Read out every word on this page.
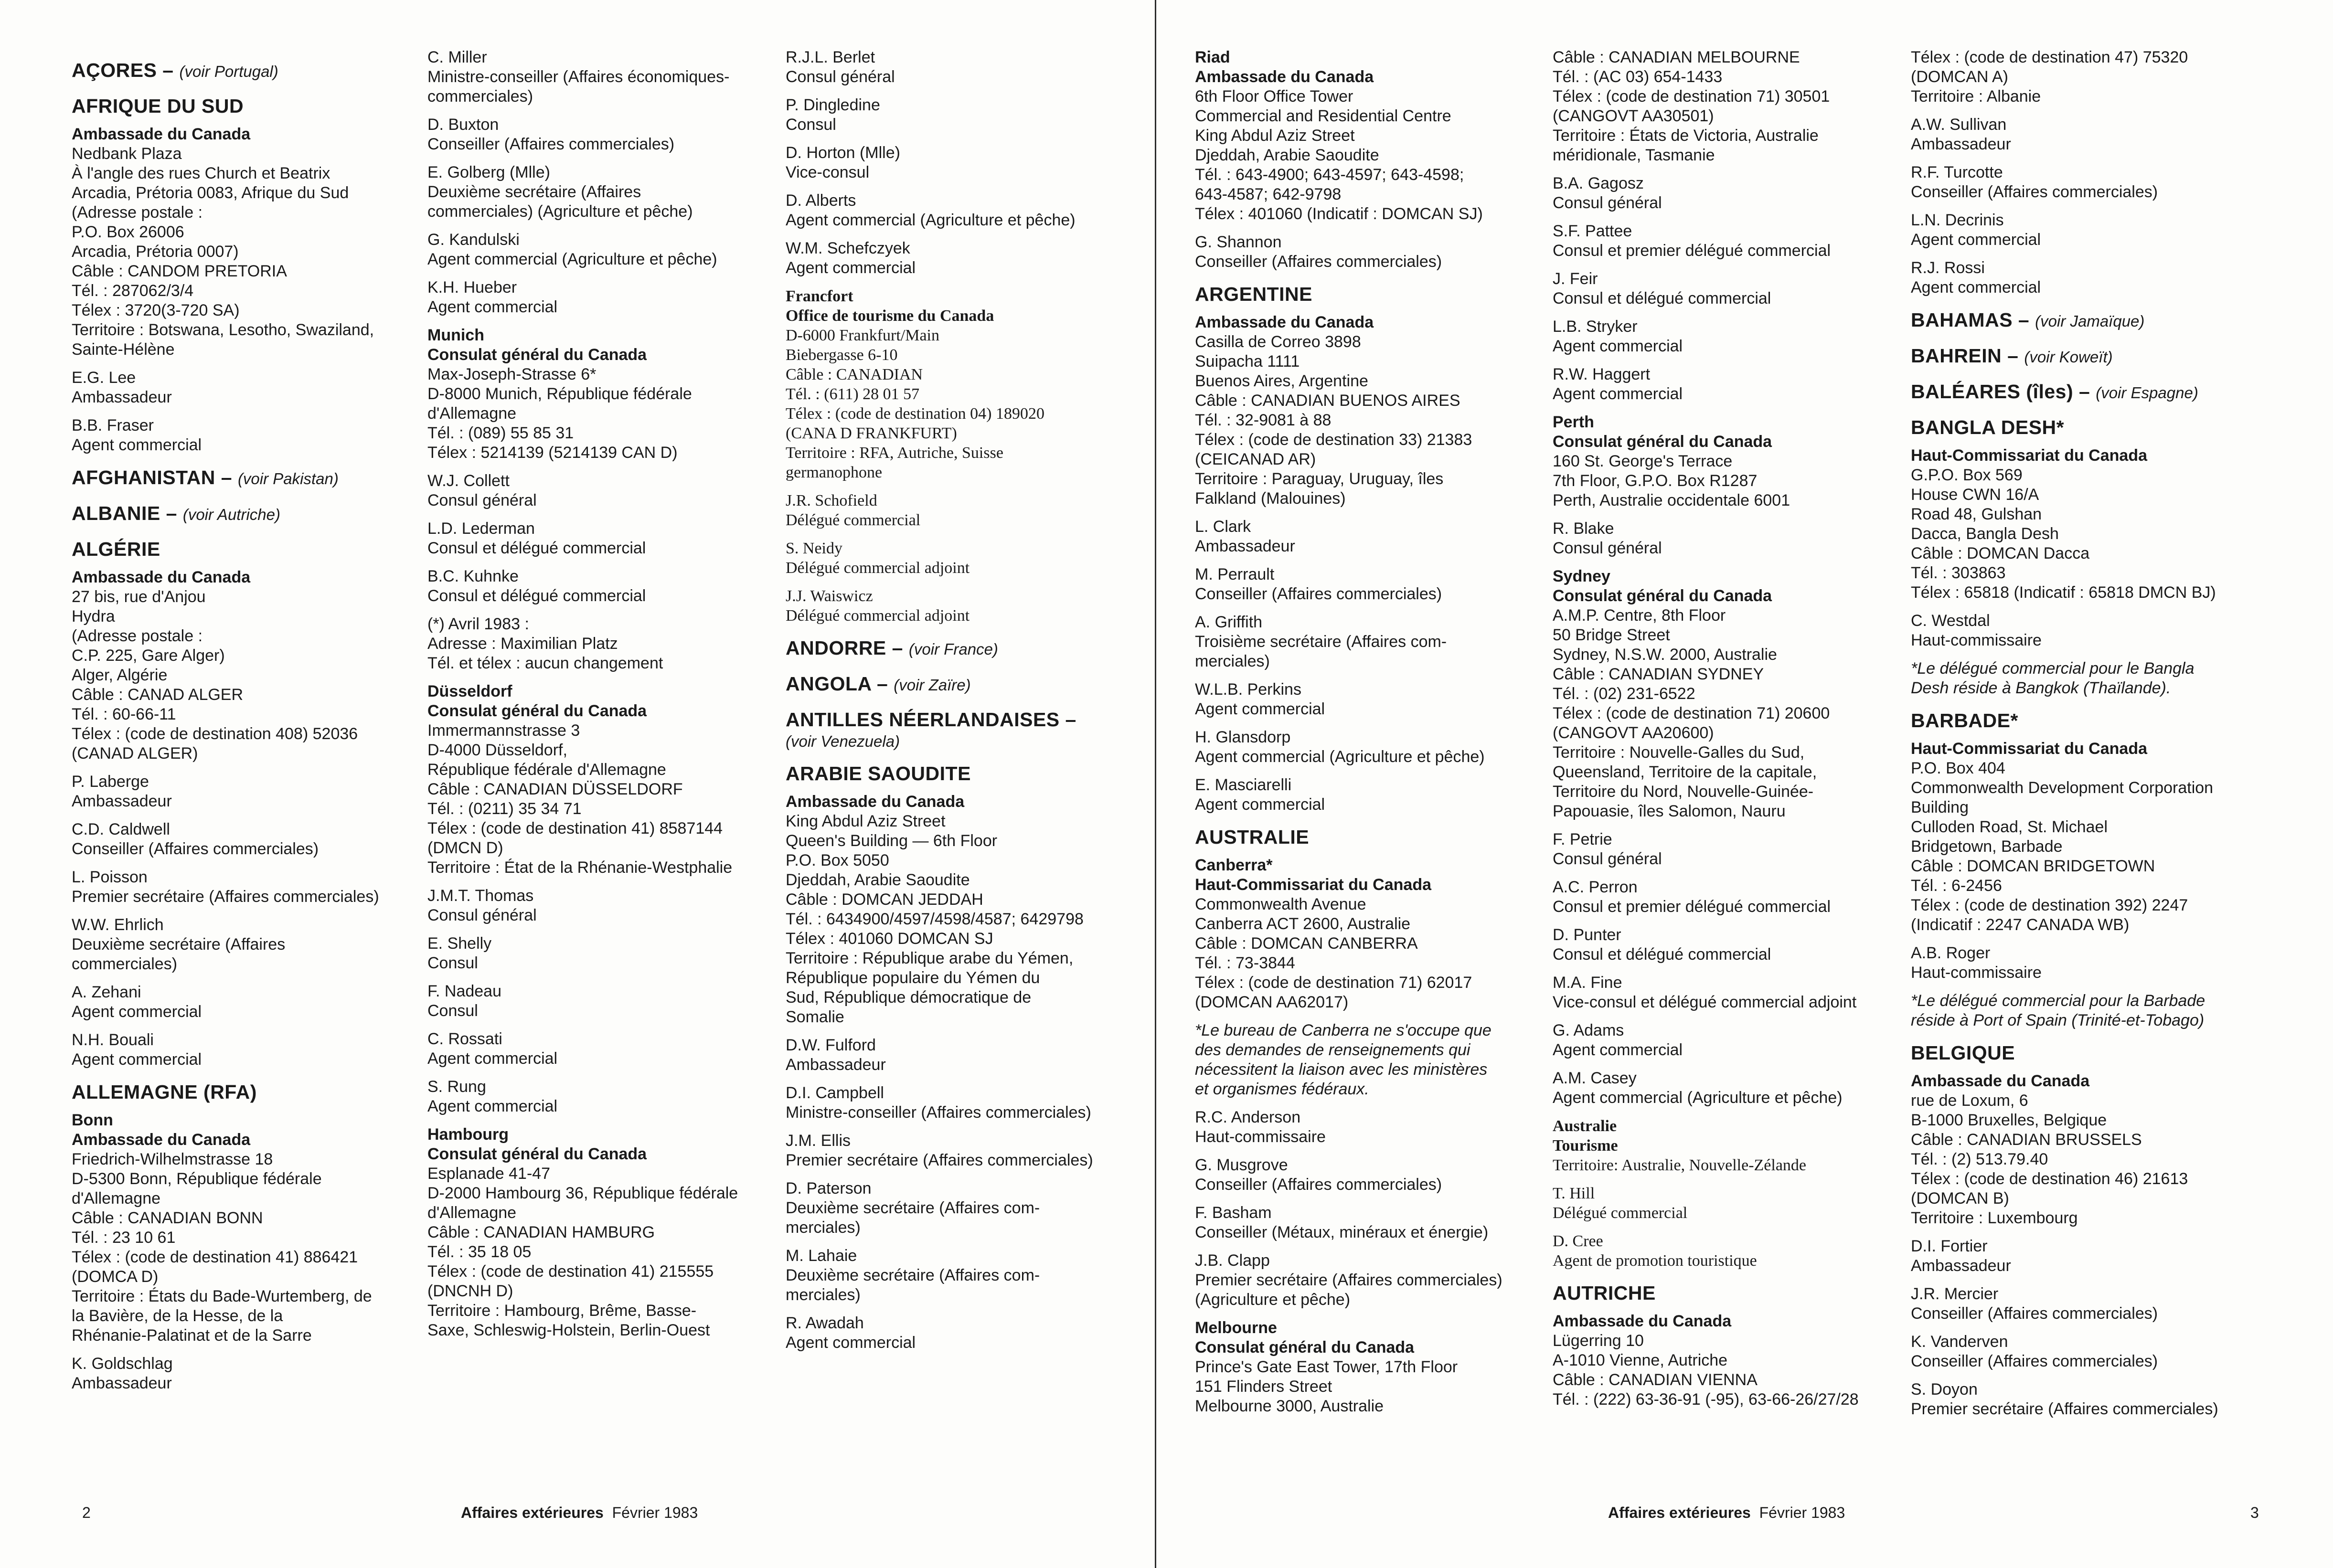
AÇORES – (voir Portugal)
AFRIQUE DU SUD
Ambassade du Canada
Nedbank Plaza
À l'angle des rues Church et Beatrix
Arcadia, Prétoria 0083, Afrique du Sud
(Adresse postale :
P.O. Box 26006
Arcadia, Prétoria 0007)
Câble : CANDOM PRETORIA
Tél. : 287062/3/4
Télex : 3720(3-720 SA)
Territoire : Botswana, Lesotho, Swaziland,
Sainte-Hélène
E.G. Lee
Ambassadeur
B.B. Fraser
Agent commercial
AFGHANISTAN – (voir Pakistan)
ALBANIE – (voir Autriche)
ALGÉRIE
Ambassade du Canada
27 bis, rue d'Anjou
Hydra
(Adresse postale :
C.P. 225, Gare Alger)
Alger, Algérie
Câble : CANAD ALGER
Tél. : 60-66-11
Télex : (code de destination 408) 52036
(CANAD ALGER)
P. Laberge
Ambassadeur
C.D. Caldwell
Conseiller (Affaires commerciales)
L. Poisson
Premier secrétaire (Affaires commerciales)
W.W. Ehrlich
Deuxième secrétaire (Affaires
commerciales)
A. Zehani
Agent commercial
N.H. Bouali
Agent commercial
ALLEMAGNE (RFA)
Bonn
Ambassade du Canada
Friedrich-Wilhelmstrasse 18
D-5300 Bonn, République fédérale
d'Allemagne
Câble : CANADIAN BONN
Tél. : 23 10 61
Télex : (code de destination 41) 886421
(DOMCA D)
Territoire : États du Bade-Wurtemberg, de
la Bavière, de la Hesse, de la
Rhénanie-Palatinat et de la Sarre
K. Goldschlag
Ambassadeur
C. Miller
Ministre-conseiller (Affaires économiques-
commerciales)
D. Buxton
Conseiller (Affaires commerciales)
E. Golberg (Mlle)
Deuxième secrétaire (Affaires
commerciales) (Agriculture et pêche)
G. Kandulski
Agent commercial (Agriculture et pêche)
K.H. Hueber
Agent commercial
Munich
Consulat général du Canada
Max-Joseph-Strasse 6*
D-8000 Munich, République fédérale
d'Allemagne
Tél. : (089) 55 85 31
Télex : 5214139 (5214139 CAN D)
W.J. Collett
Consul général
L.D. Lederman
Consul et délégué commercial
B.C. Kuhnke
Consul et délégué commercial
(*) Avril 1983 :
Adresse : Maximilian Platz
Tél. et télex : aucun changement
Düsseldorf
Consulat général du Canada
Immermannstrasse 3
D-4000 Düsseldorf,
République fédérale d'Allemagne
Câble : CANADIAN DÜSSELDORF
Tél. : (0211) 35 34 71
Télex : (code de destination 41) 8587144
(DMCN D)
Territoire : État de la Rhénanie-Westphalie
J.M.T. Thomas
Consul général
E. Shelly
Consul
F. Nadeau
Consul
C. Rossati
Agent commercial
S. Rung
Agent commercial
Hambourg
Consulat général du Canada
Esplanade 41-47
D-2000 Hambourg 36, République fédérale
d'Allemagne
Câble : CANADIAN HAMBURG
Tél. : 35 18 05
Télex : (code de destination 41) 215555
(DNCNH D)
Territoire : Hambourg, Brême, Basse-
Saxe, Schleswig-Holstein, Berlin-Ouest
R.J.L. Berlet
Consul général
P. Dingledine
Consul
D. Horton (Mlle)
Vice-consul
D. Alberts
Agent commercial (Agriculture et pêche)
W.M. Schefczyek
Agent commercial
Francfort
Office de tourisme du Canada
D-6000 Frankfurt/Main
Biebergasse 6-10
Câble : CANADIAN
Tél. : (611) 28 01 57
Télex : (code de destination 04) 189020
(CANA D FRANKFURT)
Territoire : RFA, Autriche, Suisse
germanophone
J.R. Schofield
Délégué commercial
S. Neidy
Délégué commercial adjoint
J.J. Waiswicz
Délégué commercial adjoint
ANDORRE – (voir France)
ANGOLA – (voir Zaïre)
ANTILLES NÉERLANDAISES –
(voir Venezuela)
ARABIE SAOUDITE
Ambassade du Canada
King Abdul Aziz Street
Queen's Building — 6th Floor
P.O. Box 5050
Djeddah, Arabie Saoudite
Câble : DOMCAN JEDDAH
Tél. : 6434900/4597/4598/4587; 6429798
Télex : 401060 DOMCAN SJ
Territoire : République arabe du Yémen,
République populaire du Yémen du
Sud, République démocratique de
Somalie
D.W. Fulford
Ambassadeur
D.I. Campbell
Ministre-conseiller (Affaires commerciales)
J.M. Ellis
Premier secrétaire (Affaires commerciales)
D. Paterson
Deuxième secrétaire (Affaires com-
merciales)
M. Lahaie
Deuxième secrétaire (Affaires com-
merciales)
R. Awadah
Agent commercial
2	Affaires extérieures Février 1983
Riad
Ambassade du Canada
6th Floor Office Tower
Commercial and Residential Centre
King Abdul Aziz Street
Djeddah, Arabie Saoudite
Tél. : 643-4900; 643-4597; 643-4598;
643-4587; 642-9798
Télex : 401060 (Indicatif : DOMCAN SJ)
G. Shannon
Conseiller (Affaires commerciales)
ARGENTINE
Ambassade du Canada
Casilla de Correo 3898
Suipacha 1111
Buenos Aires, Argentine
Câble : CANADIAN BUENOS AIRES
Tél. : 32-9081 à 88
Télex : (code de destination 33) 21383
(CEICANAD AR)
Territoire : Paraguay, Uruguay, îles
Falkland (Malouines)
L. Clark
Ambassadeur
M. Perrault
Conseiller (Affaires commerciales)
A. Griffith
Troisième secrétaire (Affaires com-
merciales)
W.L.B. Perkins
Agent commercial
H. Glansdorp
Agent commercial (Agriculture et pêche)
E. Masciarelli
Agent commercial
AUSTRALIE
Canberra*
Haut-Commissariat du Canada
Commonwealth Avenue
Canberra ACT 2600, Australie
Câble : DOMCAN CANBERRA
Tél. : 73-3844
Télex : (code de destination 71) 62017
(DOMCAN AA62017)
*Le bureau de Canberra ne s'occupe que
des demandes de renseignements qui
nécessitent la liaison avec les ministères
et organismes fédéraux.
R.C. Anderson
Haut-commissaire
G. Musgrove
Conseiller (Affaires commerciales)
F. Basham
Conseiller (Métaux, minéraux et énergie)
J.B. Clapp
Premier secrétaire (Affaires commerciales)
(Agriculture et pêche)
Melbourne
Consulat général du Canada
Prince's Gate East Tower, 17th Floor
151 Flinders Street
Melbourne 3000, Australie
Câble : CANADIAN MELBOURNE
Tél. : (AC 03) 654-1433
Télex : (code de destination 71) 30501
(CANGOVT AA30501)
Territoire : États de Victoria, Australie
méridionale, Tasmanie
B.A. Gagosz
Consul général
S.F. Pattee
Consul et premier délégué commercial
J. Feir
Consul et délégué commercial
L.B. Stryker
Agent commercial
R.W. Haggert
Agent commercial
Perth
Consulat général du Canada
160 St. George's Terrace
7th Floor, G.P.O. Box R1287
Perth, Australie occidentale 6001
R. Blake
Consul général
Sydney
Consulat général du Canada
A.M.P. Centre, 8th Floor
50 Bridge Street
Sydney, N.S.W. 2000, Australie
Câble : CANADIAN SYDNEY
Tél. : (02) 231-6522
Télex : (code de destination 71) 20600
(CANGOVT AA20600)
Territoire : Nouvelle-Galles du Sud,
Queensland, Territoire de la capitale,
Territoire du Nord, Nouvelle-Guinée-
Papouasie, îles Salomon, Nauru
F. Petrie
Consul général
A.C. Perron
Consul et premier délégué commercial
D. Punter
Consul et délégué commercial
M.A. Fine
Vice-consul et délégué commercial adjoint
G. Adams
Agent commercial
A.M. Casey
Agent commercial (Agriculture et pêche)
Australie
Tourisme
Territoire: Australie, Nouvelle-Zélande
T. Hill
Délégué commercial
D. Cree
Agent de promotion touristique
AUTRICHE
Ambassade du Canada
Lügerring 10
A-1010 Vienne, Autriche
Câble : CANADIAN VIENNA
Tél. : (222) 63-36-91 (-95), 63-66-26/27/28
Télex : (code de destination 47) 75320
(DOMCAN A)
Territoire : Albanie
A.W. Sullivan
Ambassadeur
R.F. Turcotte
Conseiller (Affaires commerciales)
L.N. Decrinis
Agent commercial
R.J. Rossi
Agent commercial
BAHAMAS – (voir Jamaïque)
BAHREIN – (voir Koweït)
BALÉARES (îles) – (voir Espagne)
BANGLA DESH*
Haut-Commissariat du Canada
G.P.O. Box 569
House CWN 16/A
Road 48, Gulshan
Dacca, Bangla Desh
Câble : DOMCAN Dacca
Tél. : 303863
Télex : 65818 (Indicatif : 65818 DMCN BJ)
C. Westdal
Haut-commissaire
*Le délégué commercial pour le Bangla
Desh réside à Bangkok (Thaïlande).
BARBADE*
Haut-Commissariat du Canada
P.O. Box 404
Commonwealth Development Corporation
Building
Culloden Road, St. Michael
Bridgetown, Barbade
Câble : DOMCAN BRIDGETOWN
Tél. : 6-2456
Télex : (code de destination 392) 2247
(Indicatif : 2247 CANADA WB)
A.B. Roger
Haut-commissaire
*Le délégué commercial pour la Barbade
réside à Port of Spain (Trinité-et-Tobago)
BELGIQUE
Ambassade du Canada
rue de Loxum, 6
B-1000 Bruxelles, Belgique
Câble : CANADIAN BRUSSELS
Tél. : (2) 513.79.40
Télex : (code de destination 46) 21613
(DOMCAN B)
Territoire : Luxembourg
D.I. Fortier
Ambassadeur
J.R. Mercier
Conseiller (Affaires commerciales)
K. Vanderven
Conseiller (Affaires commerciales)
S. Doyon
Premier secrétaire (Affaires commerciales)
Affaires extérieures Février 1983	3
